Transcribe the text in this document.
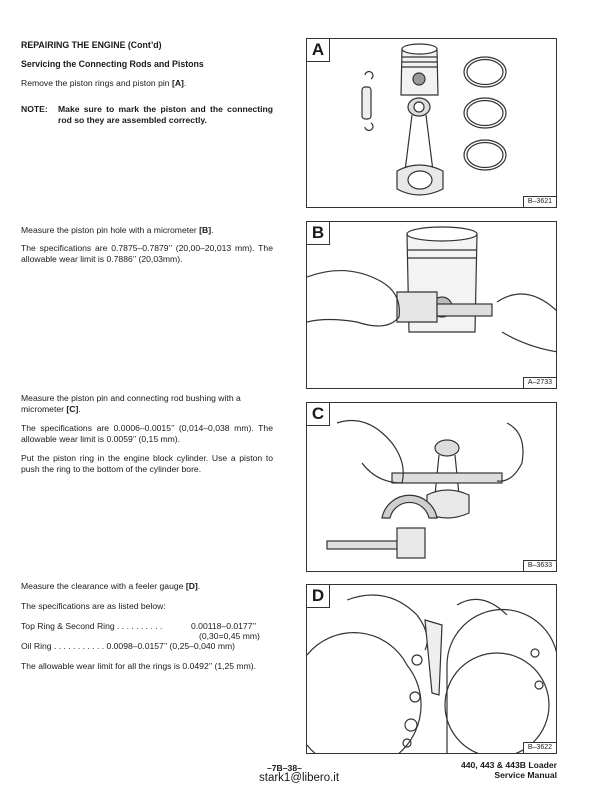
REPAIRING THE ENGINE (Cont’d)
Servicing the Connecting Rods and Pistons
Remove the piston rings and piston pin [A].
NOTE: Make sure to mark the piston and the connecting rod so they are assembled correctly.
Measure the piston pin hole with a micrometer [B].
The specifications are 0.7875–0.7879’’ (20,00–20,013 mm). The allowable wear limit is 0.7886’’ (20,03mm).
Measure the piston pin and connecting rod bushing with a micrometer [C].
The specifications are 0.0006–0.0015’’ (0,014–0,038 mm). The allowable wear limit is 0.0059’’ (0,15 mm).
Put the piston ring in the engine block cylinder. Use a piston to push the ring to the bottom of the cylinder bore.
Measure the clearance with a feeler gauge [D].
The specifications are as listed below:
Top Ring & Second Ring . . . . . . . . . .	0.00118–0.0177’’
(0,30=0,45 mm)
Oil Ring . . . . . . . . . . . 0.0098–0.0157’’ (0,25–0,040 mm)
The allowable wear limit for all the rings is 0.0492’’ (1,25 mm).
A
B–3621
B
A–2733
C
B–3633
D
B–3622
–7B–38–	440, 443 & 443B Loader
Service Manual
stark1@libero.it
